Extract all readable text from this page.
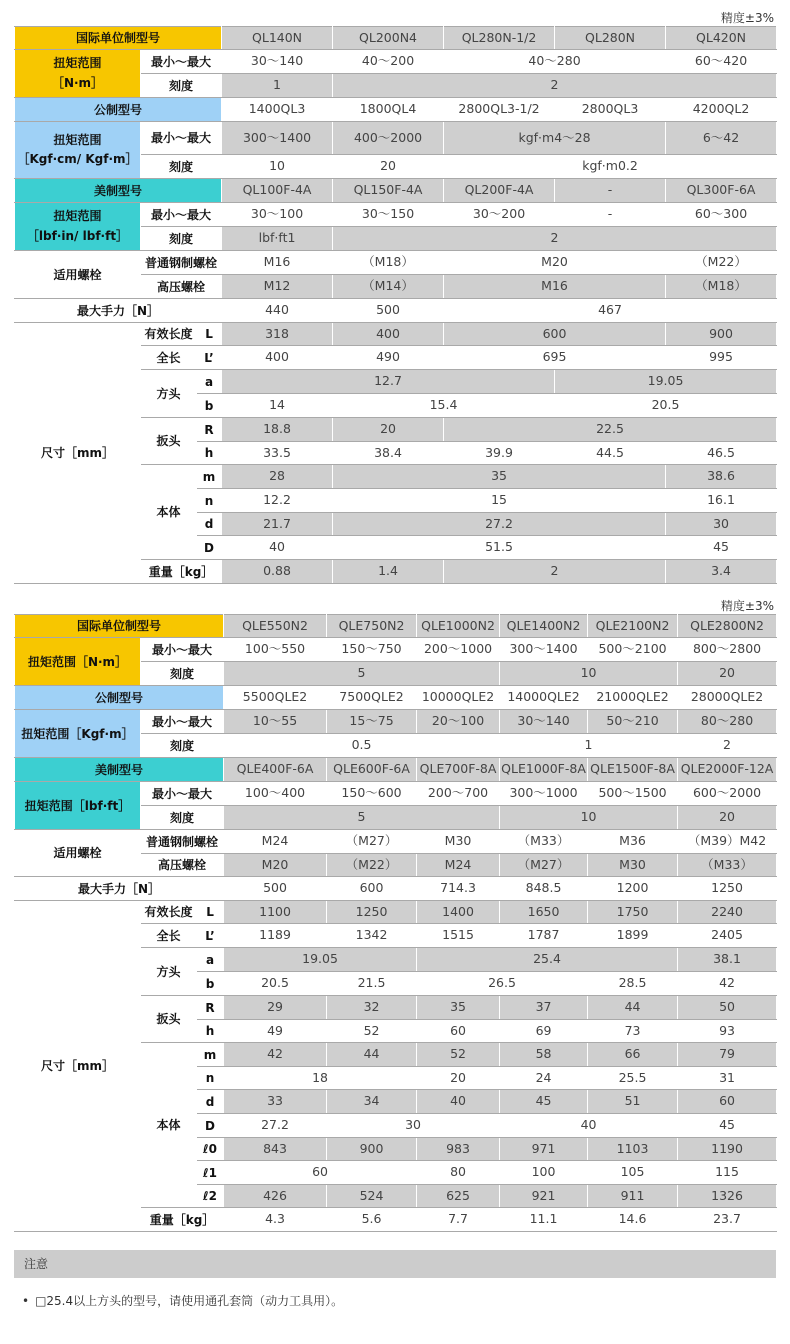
精度±3%
国际单位制型号			QL140N	QL200N4	QL280N-1/2	QL280N	QL420N
扭矩范围
［N·m］	最小～最大		30～140	40～200	40～280		60～420
	刻度		1	2			
公制型号			1400QL3	1800QL4	2800QL3-1/2	2800QL3	4200QL2
扭矩范围
［Kgf·cm/ Kgf·m］	最小～最大		300～1400	400～2000	kgf·m4～28		6～42
	刻度		10	20	kgf·m0.2		
美制型号			QL100F-4A	QL150F-4A	QL200F-4A	-	QL300F-6A
扭矩范围
［lbf·in/ lbf·ft］	最小～最大		30～100	30～150	30～200	-	60～300
	刻度		lbf·ft1	2			
适用螺栓	普通钢制螺栓		M16	（M18）	M20		（M22）
	高压螺栓		M12	（M14）	M16		（M18）
最大手力［N］			440	500	467		
尺寸［mm］	有效长度	L	318	400	600		900
	全长	L’	400	490	695		995
	方头	a	12.7			19.05	
		b	14	15.4		20.5	
	扳头	R	18.8	20	22.5		
		h	33.5	38.4	39.9	44.5	46.5
	本体	m	28	35			38.6
		n	12.2	15			16.1
		d	21.7	27.2			30
		D	40	51.5			45
	重量［kg］		0.88	1.4	2		3.4
精度±3%
国际单位制型号			QLE550N2	QLE750N2	QLE1000N2	QLE1400N2	QLE2100N2	QLE2800N2
扭矩范围［N·m］	最小～最大		100～550	150～750	200～1000	300～1400	500～2100	800～2800
	刻度		5			10		20
公制型号			5500QLE2	7500QLE2	10000QLE2	14000QLE2	21000QLE2	28000QLE2
扭矩范围［Kgf·m］	最小～最大		10～55	15～75	20～100	30～140	50～210	80～280
	刻度		0.5			1		2
美制型号			QLE400F-6A	QLE600F-6A	QLE700F-8A	QLE1000F-8A	QLE1500F-8A	QLE2000F-12A
扭矩范围［lbf·ft］	最小～最大		100～400	150～600	200～700	300～1000	500～1500	600～2000
	刻度		5			10		20
适用螺栓	普通钢制螺栓		M24	（M27）	M30	（M33）	M36	（M39）M42
	高压螺栓		M20	（M22）	M24	（M27）	M30	（M33）
最大手力［N］			500	600	714.3	848.5	1200	1250
尺寸［mm］	有效长度	L	1100	1250	1400	1650	1750	2240
	全长	L’	1189	1342	1515	1787	1899	2405
	方头	a	19.05		25.4			38.1
		b	20.5	21.5	26.5		28.5	42
	扳头	R	29	32	35	37	44	50
		h	49	52	60	69	73	93
	本体	m	42	44	52	58	66	79
		n	18		20	24	25.5	31
		d	33	34	40	45	51	60
		D	27.2	30		40		45
		ℓ0	843	900	983	971	1103	1190
		ℓ1	60		80	100	105	115
		ℓ2	426	524	625	921	911	1326
	重量［kg］		4.3	5.6	7.7	11.1	14.6	23.7
注意
• □25.4以上方头的型号，请使用通孔套筒（动力工具用）。
